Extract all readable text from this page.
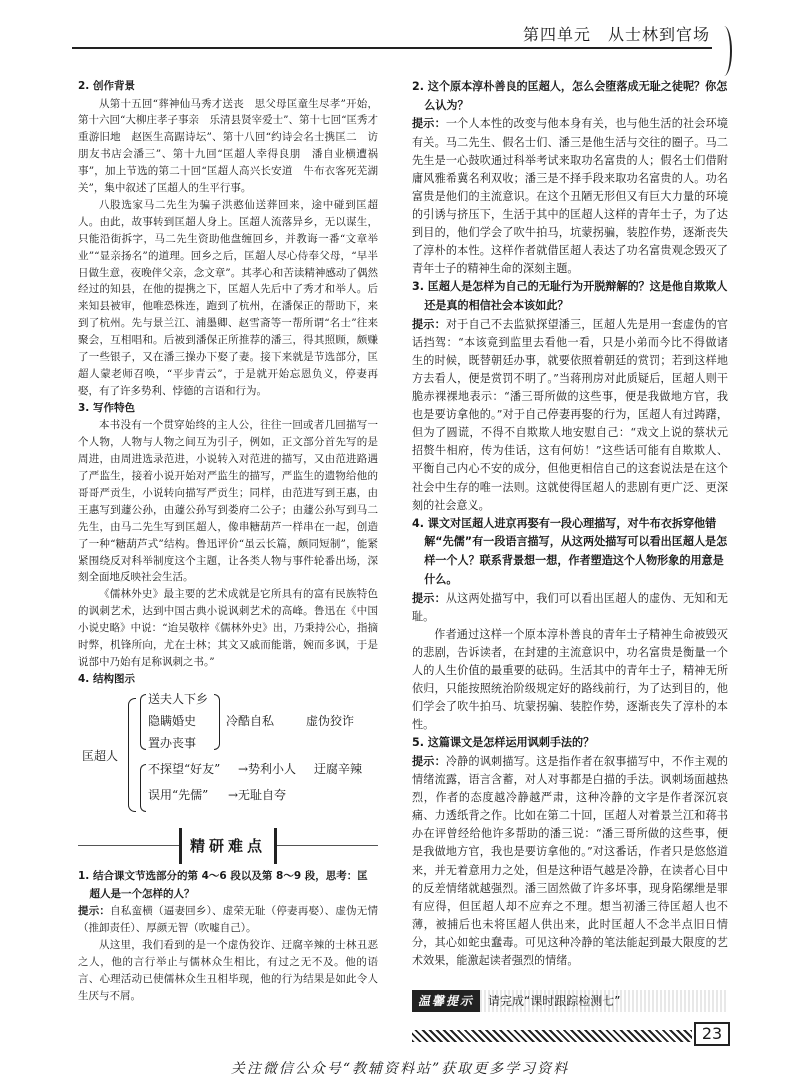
第四单元　从士林到官场
2. 创作背景
从第十五回“葬神仙马秀才送丧　思父母匡童生尽孝”开始，第十六回“大柳庄孝子事亲　乐清县贤宰爱士”、第十七回“匡秀才重游旧地　赵医生高踞诗坛”、第十八回“约诗会名士携匡二　访朋友书店会潘三”、第十九回“匡超人幸得良朋　潘自业横遭祸事”，加上节选的第二十回“匡超人高兴长安道　牛布衣客死芜湖关”，集中叙述了匡超人的生平行事。
八股选家马二先生为骗子洪憨仙送葬回来，途中碰到匡超人。由此，故事转到匡超人身上。匡超人流落异乡，无以谋生，只能沿街拆字，马二先生资助他盘缠回乡，并教诲一番“文章举业”“显亲扬名”的道理。回乡之后，匡超人尽心侍奉父母，“早半日做生意，夜晚伴父亲，念文章”。其孝心和苦读精神感动了偶然经过的知县，在他的提携之下，匡超人先后中了秀才和举人。后来知县被审，他唯恐株连，跑到了杭州，在潘保正的帮助下，来到了杭州。先与景兰江、浦墨卿、赵雪斋等一帮所谓“名士”往来聚会，互相唱和。后被到潘保正所推荐的潘三，得其照顾，颇赚了一些银子，又在潘三操办下娶了妻。接下来就是节选部分，匡超人蒙老师召唤，“平步青云”，于是就开始忘恩负义，停妻再娶，有了许多势利、悖德的言语和行为。
3. 写作特色
本书没有一个贯穿始终的主人公，往往一回或者几回描写一个人物，人物与人物之间互为引子，例如，正文部分首先写的是周进，由周进选录范进，小说转入对范进的描写，又由范进路遇了严监生，接着小说开始对严监生的描写，严监生的遗物给他的哥哥严贡生，小说转向描写严贡生；同样，由范进写到王惠，由王惠写到蘧公孙，由蘧公孙写到娄府二公子；由蘧公孙写到马二先生，由马二先生写到匡超人，像串糖葫芦一样串在一起，创造了一种“糖葫芦式”结构。鲁迅评价“虽云长篇，颇同短制”，能紧紧围绕反对科举制度这个主题，让各类人物与事件轮番出场，深刻全面地反映社会生活。
《儒林外史》最主要的艺术成就是它所具有的富有民族特色的讽刺艺术，达到中国古典小说讽刺艺术的高峰。鲁迅在《中国小说史略》中说：“迨吴敬梓《儒林外史》出，乃秉持公心，指摘时弊，机锋所向，尤在士林；其文又戚而能谐，婉而多讽，于是说部中乃始有足称讽刺之书。”
4. 结构图示
匡超人
送夫人下乡
隐瞒婚史
置办丧事
冷酷自私	虚伪狡诈
不探望“好友” →势利小人 迂腐辛辣
误用“先儒” →无耻自夸
精研难点
1. 结合课文节选部分的第 4～6 段以及第 8～9 段，思考：匡超人是一个怎样的人？
提示：自私蛮横（逼妻回乡）、虚荣无耻（停妻再娶）、虚伪无情（推卸责任）、厚颜无智（吹嘘自己）。
从这里，我们看到的是一个虚伪狡诈、迂腐辛辣的士林丑恶之人，他的言行举止与儒林众生相比，有过之无不及。他的语言、心理活动已使儒林众生丑相毕现，他的行为结果是如此令人生厌与不屑。
2. 这个原本淳朴善良的匡超人，怎么会堕落成无耻之徒呢？你怎么认为？
提示：一个人本性的改变与他本身有关，也与他生活的社会环境有关。马二先生、假名士们、潘三是他生活与交往的圈子。马二先生是一心鼓吹通过科举考试来取功名富贵的人；假名士们借附庸风雅希冀名利双收；潘三是不择手段来取功名富贵的人。功名富贵是他们的主流意识。在这个丑陋无形但又有巨大力量的环境的引诱与挤压下，生活于其中的匡超人这样的青年士子，为了达到目的，他们学会了吹牛拍马，坑蒙拐骗，装腔作势，逐渐丧失了淳朴的本性。这样作者就借匡超人表达了功名富贵观念毁灭了青年士子的精神生命的深刻主题。
3. 匡超人是怎样为自己的无耻行为开脱辩解的？这是他自欺欺人还是真的相信社会本该如此？
提示：对于自己不去监狱探望潘三，匡超人先是用一套虚伪的官话挡驾：“本该竟到监里去看他一看，只是小弟而今比不得做诸生的时候，既替朝廷办事，就要依照着朝廷的赏罚；若到这样地方去看人，便是赏罚不明了。”当蒋刑房对此质疑后，匡超人则干脆赤裸裸地表示：“潘三哥所做的这些事，便是我做地方官，我也是要访拿他的。”对于自己停妻再娶的行为，匡超人有过踌躇，但为了圆谎，不得不自欺欺人地安慰自己：“戏文上说的蔡状元招赘牛相府，传为佳话，这有何妨！”这些话可能有自欺欺人、平衡自己内心不安的成分，但他更相信自己的这套说法是在这个社会中生存的唯一法则。这就使得匡超人的悲剧有更广泛、更深刻的社会意义。
4. 课文对匡超人进京再娶有一段心理描写，对牛布衣拆穿他错解“先儒”有一段语言描写，从这两处描写可以看出匡超人是怎样一个人？联系背景想一想，作者塑造这个人物形象的用意是什么。
提示：从这两处描写中，我们可以看出匡超人的虚伪、无知和无耻。
作者通过这样一个原本淳朴善良的青年士子精神生命被毁灭的悲剧，告诉读者，在封建的主流意识中，功名富贵是衡量一个人的人生价值的最重要的砝码。生活其中的青年士子，精神无所依归，只能按照统治阶级规定好的路线前行，为了达到目的，他们学会了吹牛拍马、坑蒙拐骗、装腔作势，逐渐丧失了淳朴的本性。
5. 这篇课文是怎样运用讽刺手法的？
提示：冷静的讽刺描写。这是指作者在叙事描写中，不作主观的情绪流露，语言含蓄，对人对事都是白描的手法。讽刺场面越热烈，作者的态度越冷静越严肃，这种冷静的文字是作者深沉哀痛、力透纸背之作。比如在第二十回，匡超人对着景兰江和蒋书办在评曾经给他许多帮助的潘三说：“潘三哥所做的这些事，便是我做地方官，我也是要访拿他的。”对这番话，作者只是悠悠道来，并无着意用力之处，但是这种语气越是冷静，在读者心目中的反差情绪就越强烈。潘三固然做了许多坏事，现身陷缧绁是罪有应得，但匡超人却不应弃之不理。想当初潘三待匡超人也不薄，被捕后也未将匡超人供出来，此时匡超人不念半点旧日情分，其心如蛇虫蠢毒。可见这种冷静的笔法能起到最大限度的艺术效果，能激起读者强烈的情绪。
温馨提示 请完成“课时跟踪检测七”
23
关注微信公众号“教辅资料站”获取更多学习资料
